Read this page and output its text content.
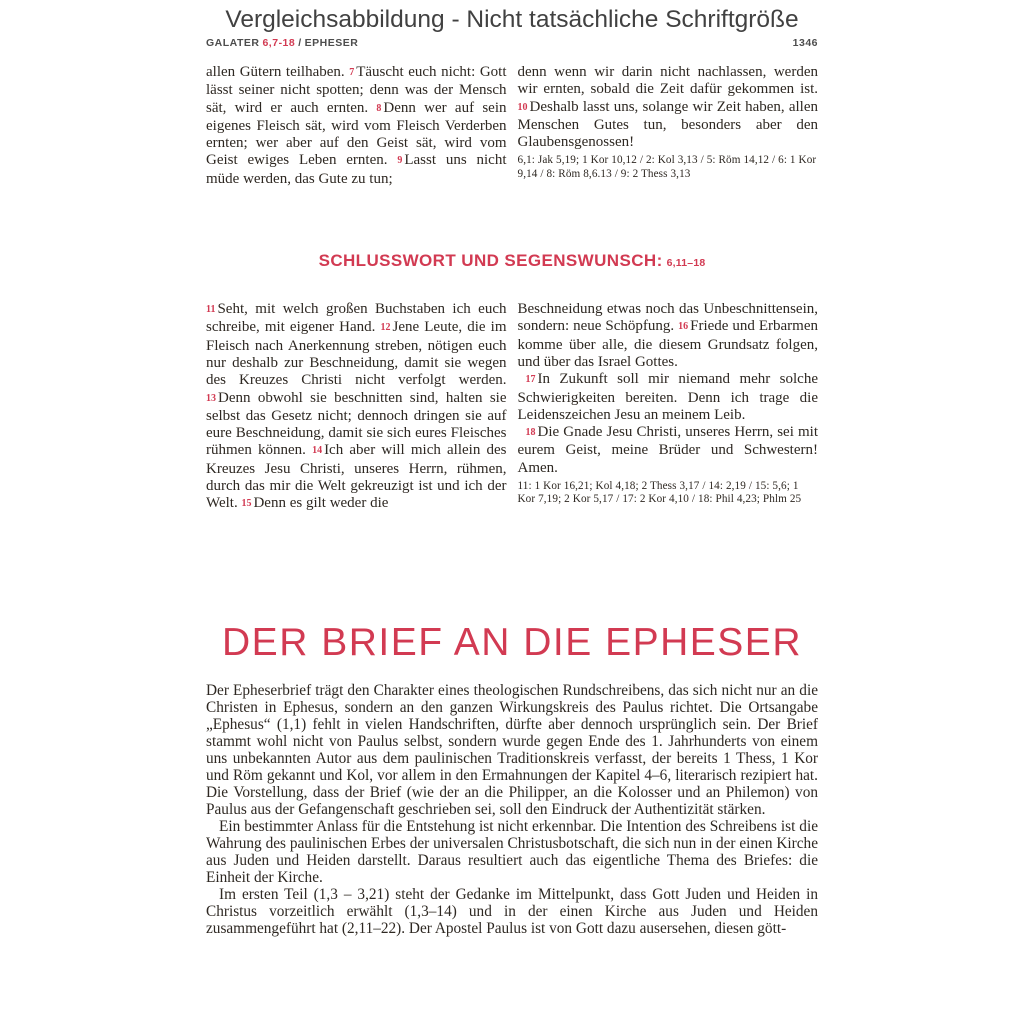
Vergleichsabbildung - Nicht tatsächliche Schriftgröße
GALATER 6,7-18 / EPHESER	1346

allen Gütern teilhaben. 7 Täuscht euch nicht: Gott lässt seiner nicht spotten; denn was der Mensch sät, wird er auch ernten. 8 Denn wer auf sein eigenes Fleisch sät, wird vom Fleisch Verderben ernten; wer aber auf den Geist sät, wird vom Geist ewiges Leben ernten. 9 Lasst uns nicht müde werden, das Gute zu tun;

denn wenn wir darin nicht nachlassen, werden wir ernten, sobald die Zeit dafür gekommen ist. 10 Deshalb lasst uns, solange wir Zeit haben, allen Menschen Gutes tun, besonders aber den Glaubensgenossen!

6,1: Jak 5,19; 1 Kor 10,12 / 2: Kol 3,13 / 5: Röm 14,12 / 6: 1 Kor 9,14 / 8: Röm 8,6.13 / 9: 2 Thess 3,13
SCHLUSSWORT UND SEGENSWUNSCH: 6,11–18

11 Seht, mit welch großen Buchstaben ich euch schreibe, mit eigener Hand. 12 Jene Leute, die im Fleisch nach Anerkennung streben, nötigen euch nur deshalb zur Beschneidung, damit sie wegen des Kreuzes Christi nicht verfolgt werden. 13 Denn obwohl sie beschnitten sind, halten sie selbst das Gesetz nicht; dennoch dringen sie auf eure Beschneidung, damit sie sich eures Fleisches rühmen können. 14 Ich aber will mich allein des Kreuzes Jesu Christi, unseres Herrn, rühmen, durch das mir die Welt gekreuzigt ist und ich der Welt. 15 Denn es gilt weder die

Beschneidung etwas noch das Unbeschnittensein, sondern: neue Schöpfung. 16 Friede und Erbarmen komme über alle, die diesem Grundsatz folgen, und über das Israel Gottes.

17 In Zukunft soll mir niemand mehr solche Schwierigkeiten bereiten. Denn ich trage die Leidenszeichen Jesu an meinem Leib.

18 Die Gnade Jesu Christi, unseres Herrn, sei mit eurem Geist, meine Brüder und Schwestern! Amen.

11: 1 Kor 16,21; Kol 4,18; 2 Thess 3,17 / 14: 2,19 / 15: 5,6; 1 Kor 7,19; 2 Kor 5,17 / 17: 2 Kor 4,10 / 18: Phil 4,23; Phlm 25
DER BRIEF AN DIE EPHESER

Der Epheserbrief trägt den Charakter eines theologischen Rundschreibens, das sich nicht nur an die Christen in Ephesus, sondern an den ganzen Wirkungskreis des Paulus richtet. Die Ortsangabe „Ephesus“ (1,1) fehlt in vielen Handschriften, dürfte aber dennoch ursprünglich sein. Der Brief stammt wohl nicht von Paulus selbst, sondern wurde gegen Ende des 1. Jahrhunderts von einem uns unbekannten Autor aus dem paulinischen Traditionskreis verfasst, der bereits 1 Thess, 1 Kor und Röm gekannt und Kol, vor allem in den Ermahnungen der Kapitel 4–6, literarisch rezipiert hat. Die Vorstellung, dass der Brief (wie der an die Philipper, an die Kolosser und an Philemon) von Paulus aus der Gefangenschaft geschrieben sei, soll den Eindruck der Authentizität stärken.

Ein bestimmter Anlass für die Entstehung ist nicht erkennbar. Die Intention des Schreibens ist die Wahrung des paulinischen Erbes der universalen Christusbotschaft, die sich nun in der einen Kirche aus Juden und Heiden darstellt. Daraus resultiert auch das eigentliche Thema des Briefes: die Einheit der Kirche.

Im ersten Teil (1,3 – 3,21) steht der Gedanke im Mittelpunkt, dass Gott Juden und Heiden in Christus vorzeitlich erwählt (1,3–14) und in der einen Kirche aus Juden und Heiden zusammengeführt hat (2,11–22). Der Apostel Paulus ist von Gott dazu ausersehen, diesen gött-
